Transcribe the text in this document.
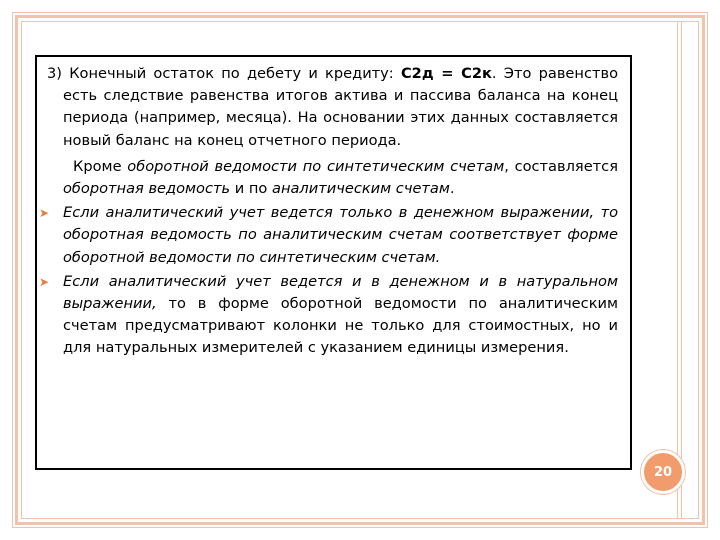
3) Конечный остаток по дебету и кредиту: С2д = С2к. Это равенство есть следствие равенства итогов актива и пассива баланса на конец периода (например, месяца). На основании этих данных составляется новый баланс на конец отчетного периода.

Кроме оборотной ведомости по синтетическим счетам, составляется оборотная ведомость и по аналитическим счетам.

➤ Если аналитический учет ведется только в денежном выражении, то оборотная ведомость по аналитическим счетам соответствует форме оборотной ведомости по синтетическим счетам.

➤ Если аналитический учет ведется и в денежном и в натуральном выражении, то в форме оборотной ведомости по аналитическим счетам предусматривают колонки не только для стоимостных, но и для натуральных измерителей с указанием единицы измерения.

20
